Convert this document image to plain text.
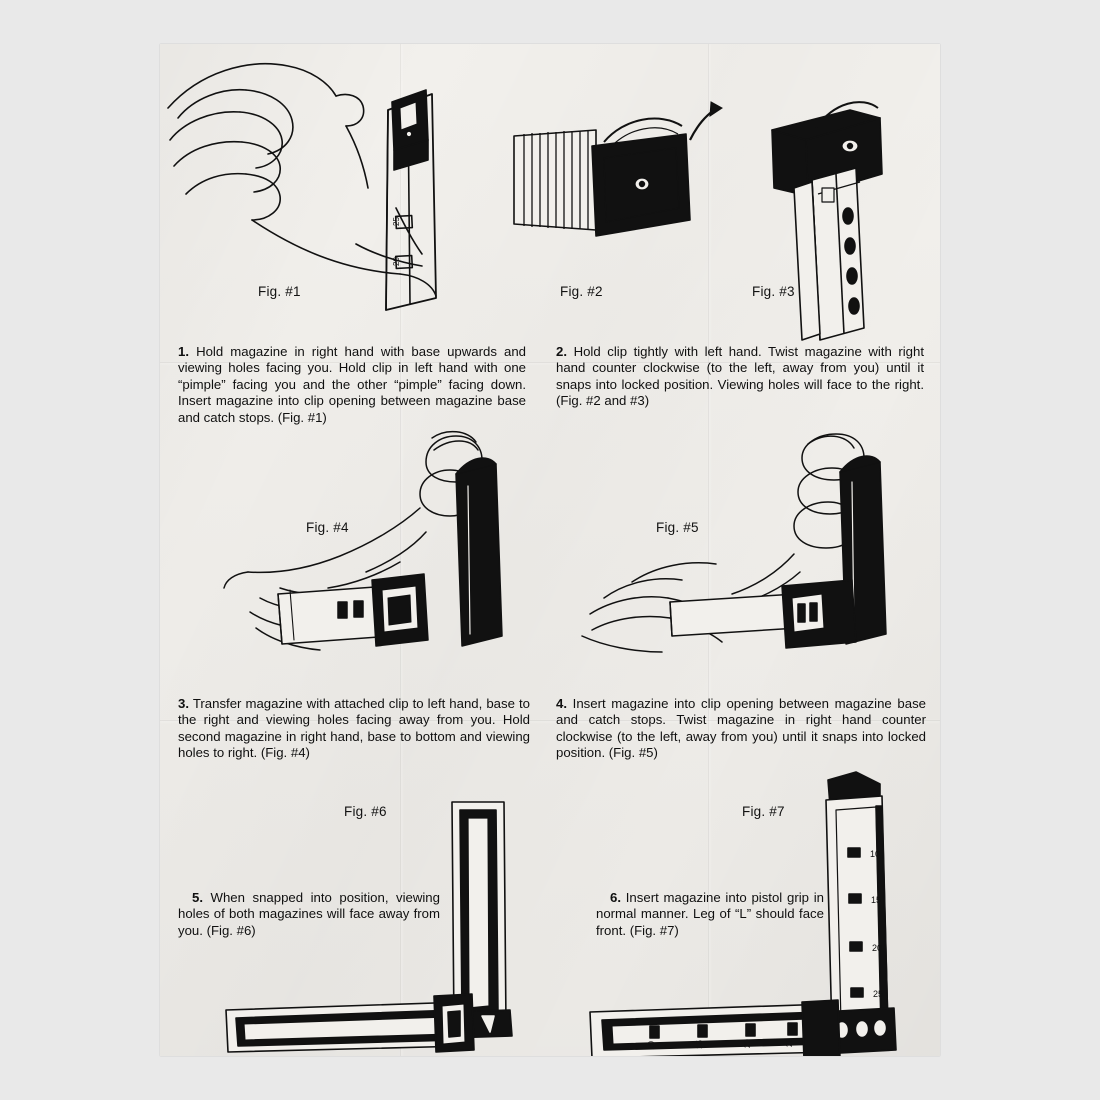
25
20
Fig. #1	Fig. #2	Fig. #3
1. Hold magazine in right hand with base upwards and viewing holes facing you. Hold clip in left hand with one “pimple” facing you and the other “pimple” facing down. Insert magazine into clip opening between magazine base and catch stops. (Fig. #1)
2. Hold clip tightly with left hand. Twist magazine with right hand counter clockwise (to the left, away from you) until it snaps into locked position. Viewing holes will face to the right. (Fig. #2 and #3)
Fig. #4	Fig. #5
3. Transfer magazine with attached clip to left hand, base to the right and viewing holes facing away from you. Hold second magazine in right hand, base to bottom and viewing holes to right. (Fig. #4)
4. Insert magazine into clip opening between magazine base and catch stops. Twist magazine in right hand counter clockwise (to the left, away from you) until it snaps into locked position. (Fig. #5)
10
15
20
25
10	15	20	25
Fig. #6	Fig. #7
5. When snapped into position, viewing holes of both magazines will face away from you. (Fig. #6)
6. Insert magazine into pistol grip in normal manner. Leg of “L” should face front. (Fig. #7)
